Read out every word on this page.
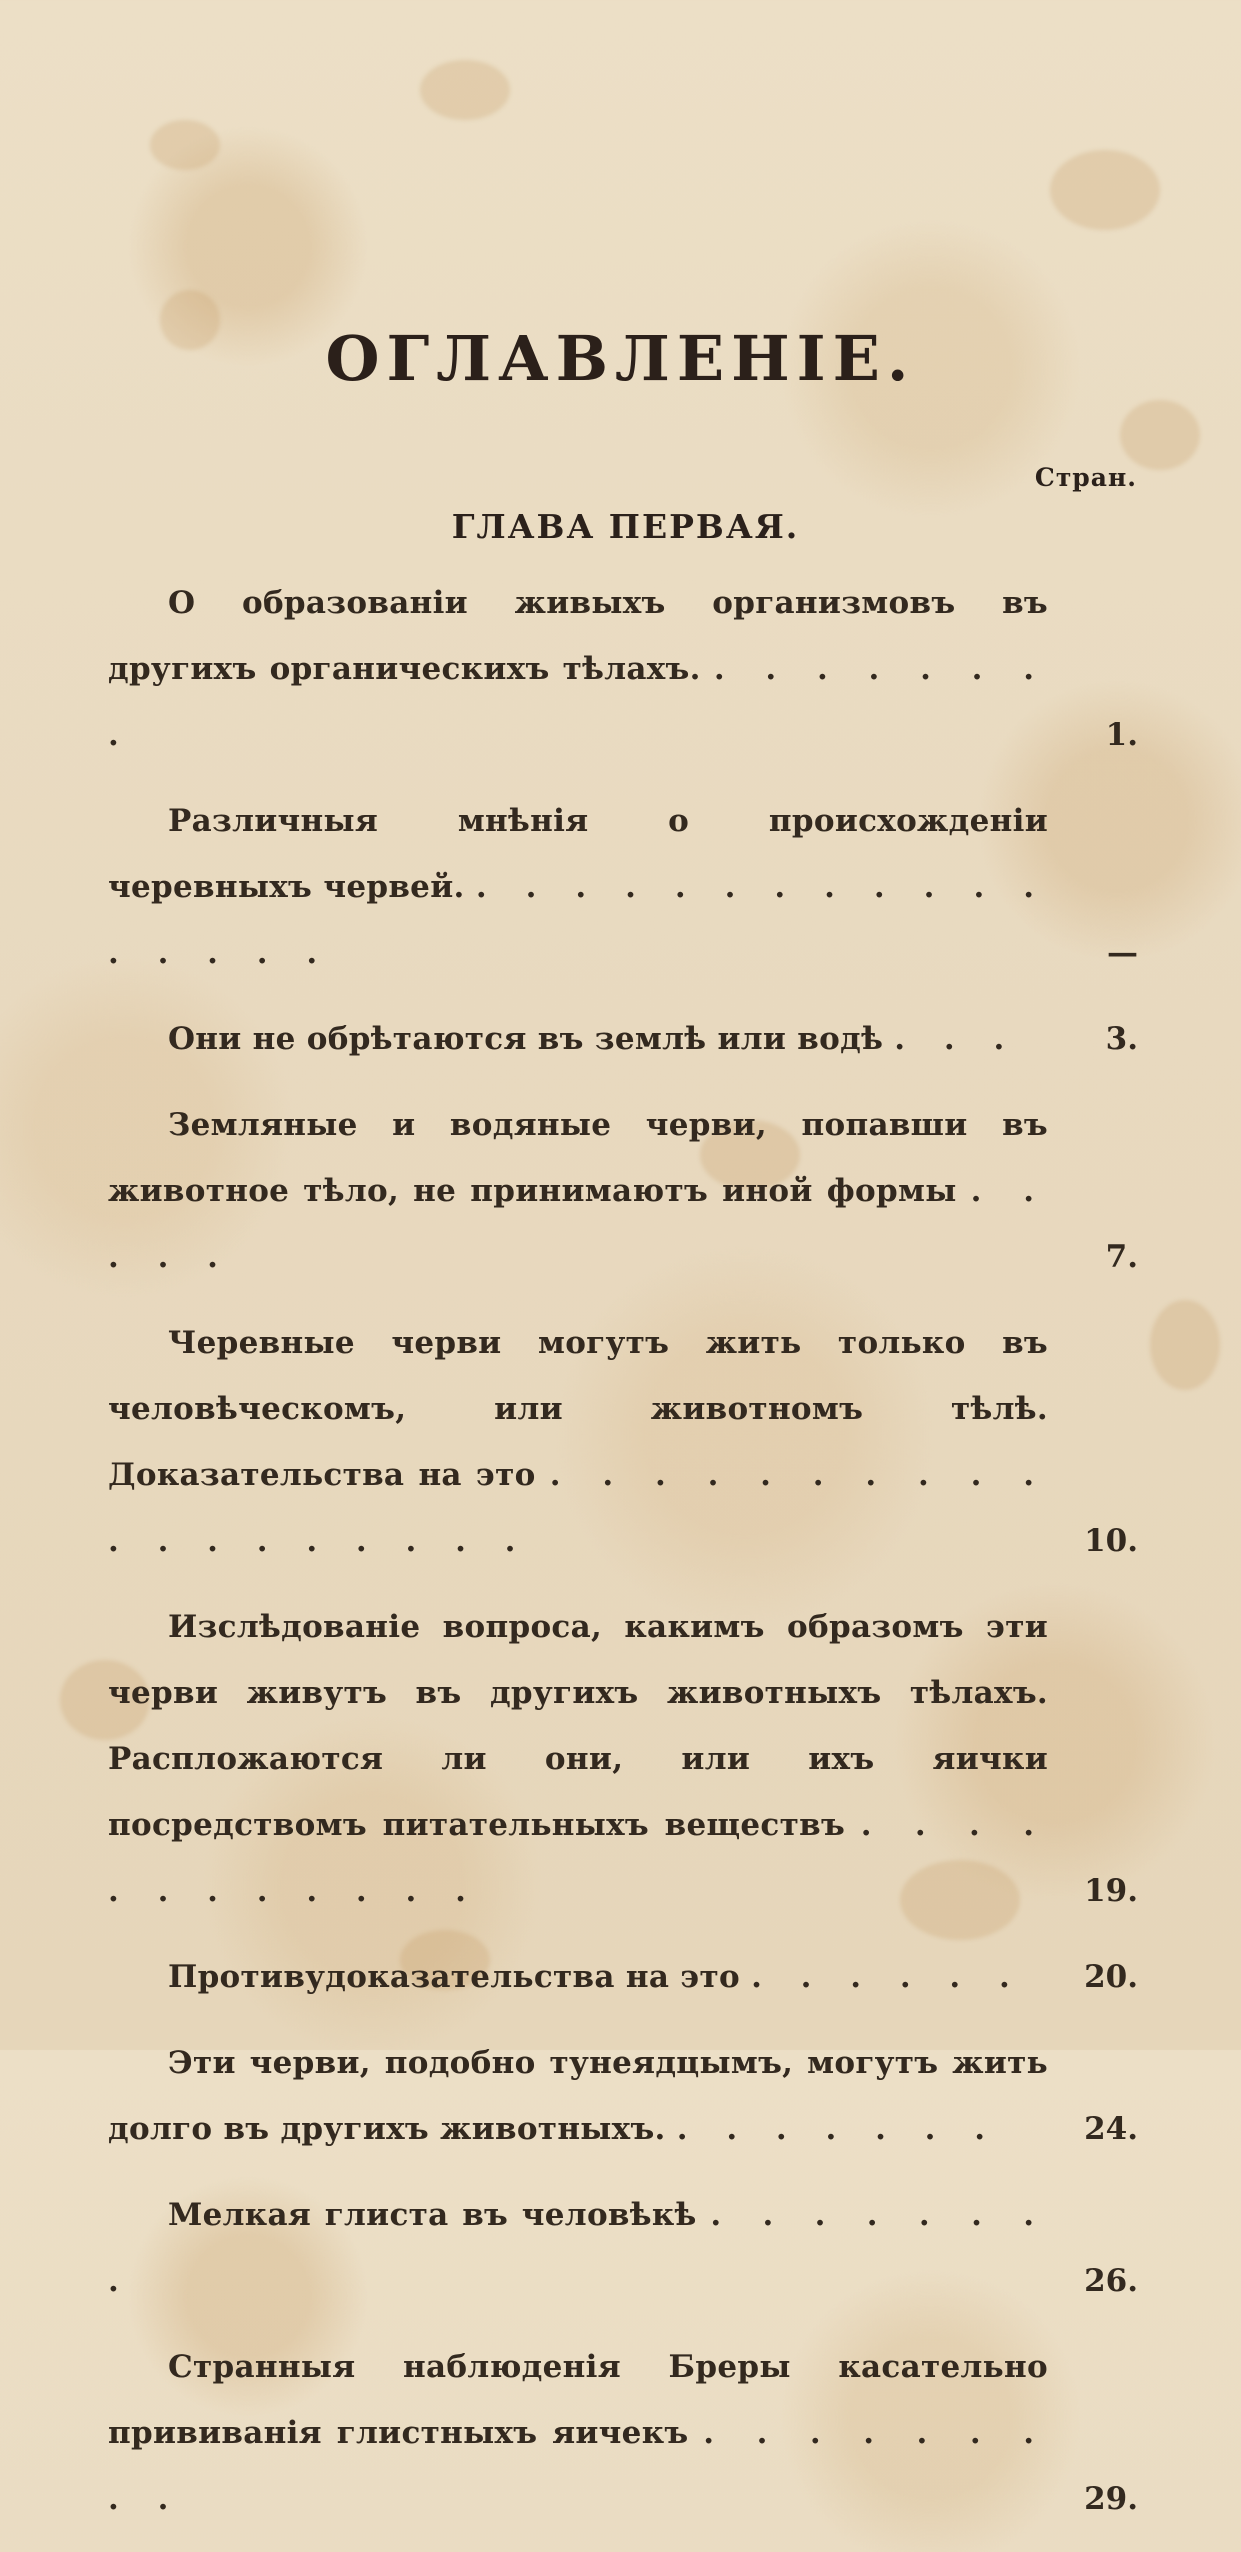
ОГЛАВЛЕНІЕ.
Стран.
ГЛАВА ПЕРВАЯ.
О образованіи живыхъ организмовъ въ другихъ органическихъ тѣлахъ. . . . . . . . .	1.
Различныя мнѣнія о происхожденіи черевныхъ червей. . . . . . . . . . . . . . . . . .	—
Они не обрѣтаются въ землѣ или водѣ . . .	3.
Земляные и водяные черви, попавши въ животное тѣло, не принимаютъ иной формы . . . . .	7.
Черевные черви могутъ жить только въ человѣческомъ, или животномъ тѣлѣ. Доказательства на это . . . . . . . . . . . . . . . . . . .	10.
Изслѣдованіе вопроса, какимъ образомъ эти черви живутъ въ другихъ животныхъ тѣлахъ. Распложаются ли они, или ихъ яички посредствомъ питательныхъ веществъ . . . . . . . . . . . .	19.
Противудоказательства на это . . . . . .	20.
Эти черви, подобно тунеядцымъ, могутъ жить долго въ другихъ животныхъ. . . . . . . .	24.
Мелкая глиста въ человѣкѣ . . . . . . . .	26.
Странныя наблюденія Бреры касательно прививанія глистныхъ яичекъ . . . . . . . . .	29.
